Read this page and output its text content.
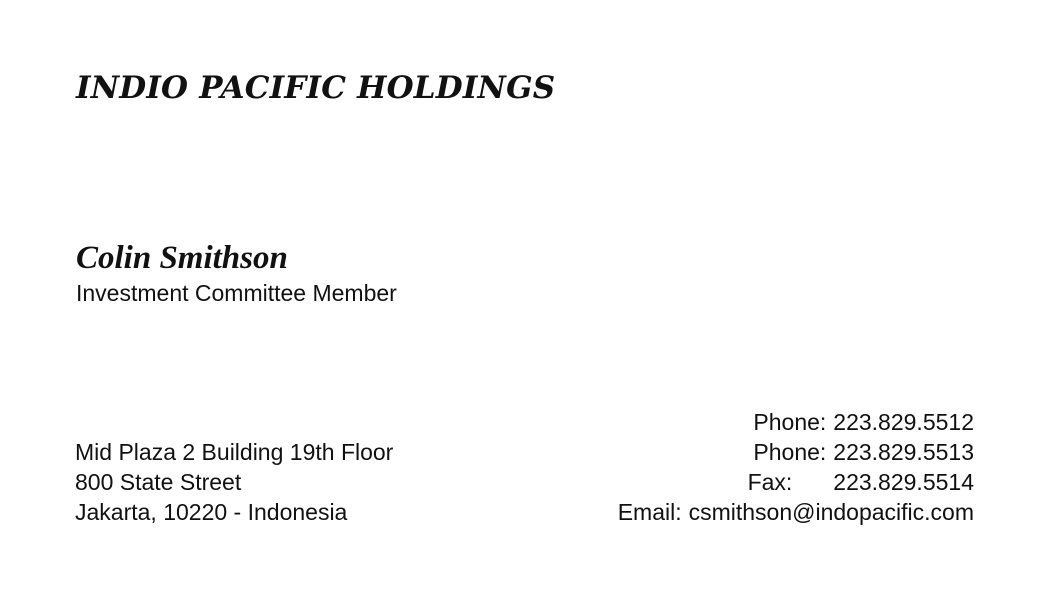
INDIO PACIFIC HOLDINGS
Colin Smithson
Investment Committee Member
Mid Plaza 2 Building 19th Floor
800 State Street
Jakarta, 10220 - Indonesia
Phone: 223.829.5512
Phone: 223.829.5513
Fax: 223.829.5514
Email: csmithson@indopacific.com
